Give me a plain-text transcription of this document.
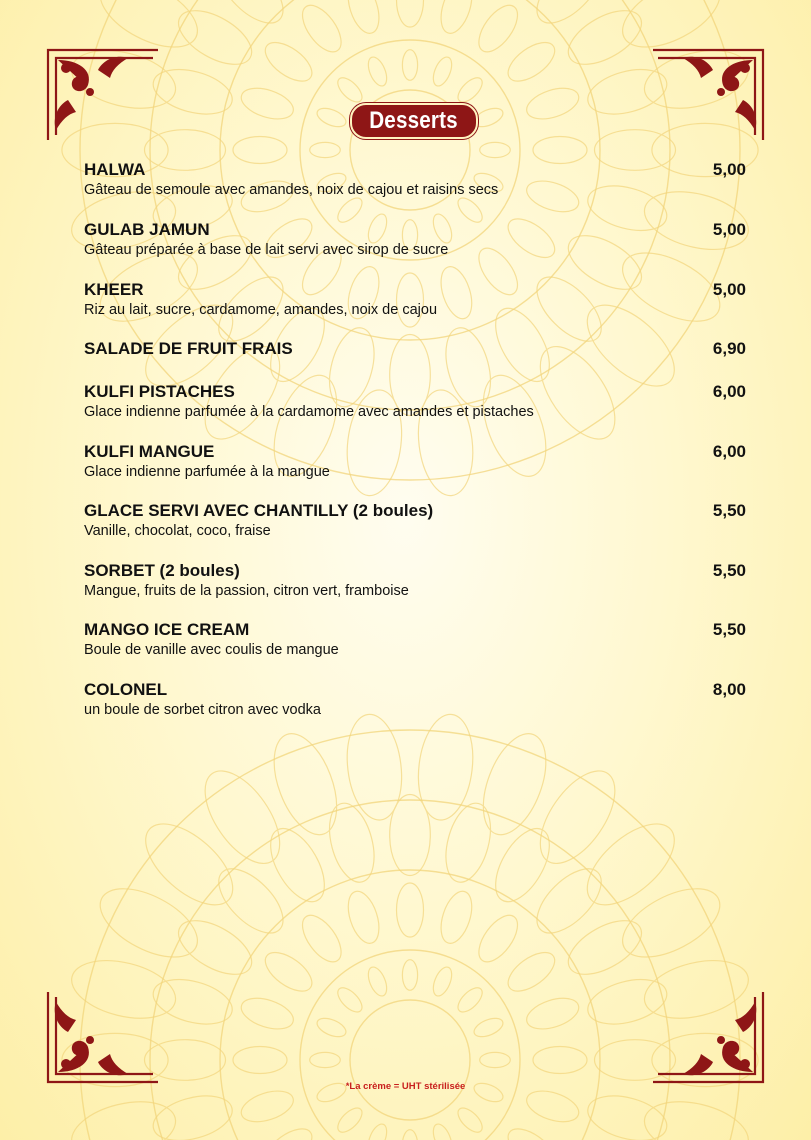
Desserts
HALWA	5,00
Gâteau de semoule avec amandes, noix de cajou et raisins secs
GULAB JAMUN	5,00
Gâteau préparée à base de lait servi avec sirop de sucre
KHEER	5,00
Riz au lait, sucre, cardamome, amandes, noix de cajou
SALADE DE FRUIT FRAIS	6,90
KULFI PISTACHES	6,00
Glace indienne parfumée à la cardamome avec amandes et pistaches
KULFI MANGUE	6,00
Glace indienne parfumée à la mangue
GLACE SERVI AVEC CHANTILLY (2 boules)	5,50
Vanille, chocolat, coco, fraise
SORBET (2 boules)	5,50
Mangue, fruits de la passion, citron vert, framboise
MANGO ICE CREAM	5,50
Boule de vanille avec coulis de mangue
COLONEL	8,00
un boule de sorbet citron avec vodka
*La crème = UHT stérilisée
